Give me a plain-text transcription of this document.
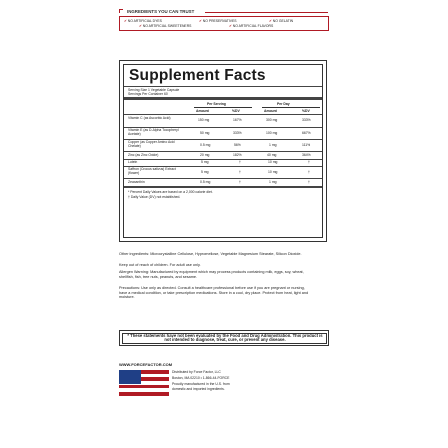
INGREDIENTS YOU CAN TRUST
✔ NO ARTIFICIAL DYES	✔ NO PRESERVATIVES	✔ NO GELATIN
✔ NO ARTIFICIAL SWEETENERS	✔ NO ARTIFICIAL FLAVORS
Supplement Facts
Serving Size 1 Vegetable Capsule
Servings Per Container 60
Per Serving	Per Day
Amount	%DV	Amount	%DV
Vitamin C (as Ascorbic Acid)	150 mg	167%	300 mg	333%
Vitamin E (as D-Alpha Tocopheryl Acetate)	50 mg	333%	100 mg	667%
Copper (as Copper Amino Acid Chelate)	0.5 mg	56%	1 mg	111%
Zinc (as Zinc Oxide)	20 mg	182%	40 mg	364%
Lutein	5 mg	†	10 mg	†
Saffron (Crocus sativus) Extract (flower)	5 mg	†	10 mg	†
Zeaxanthin	0.5 mg	†	1 mg	†
* Percent Daily Values are based on a 2,000 calorie diet.
† Daily Value (DV) not established.
Other ingredients: Microcrystalline Cellulose, Hypromellose, Vegetable Magnesium Stearate, Silicon Dioxide.
Keep out of reach of children. For adult use only.
Allergen Warning: Manufactured by equipment which may process products containing milk, eggs, soy, wheat, shellfish, fish, tree nuts, peanuts, and sesame.
Precautions: Use only as directed. Consult a healthcare professional before use if you are pregnant or nursing, have a medical condition, or take prescription medications. Store in a cool, dry place. Protect from heat, light and moisture.
* These statements have not been evaluated by the Food and Drug Administration. This product is not intended to diagnose, treat, cure, or prevent any disease.
WWW.FORCEFACTOR.COM
Distributed by Force Factor, LLC
Boston, MA 02210 • 1-866-44-FORCE
Proudly manufactured in the U.S. from
domestic and imported ingredients.
